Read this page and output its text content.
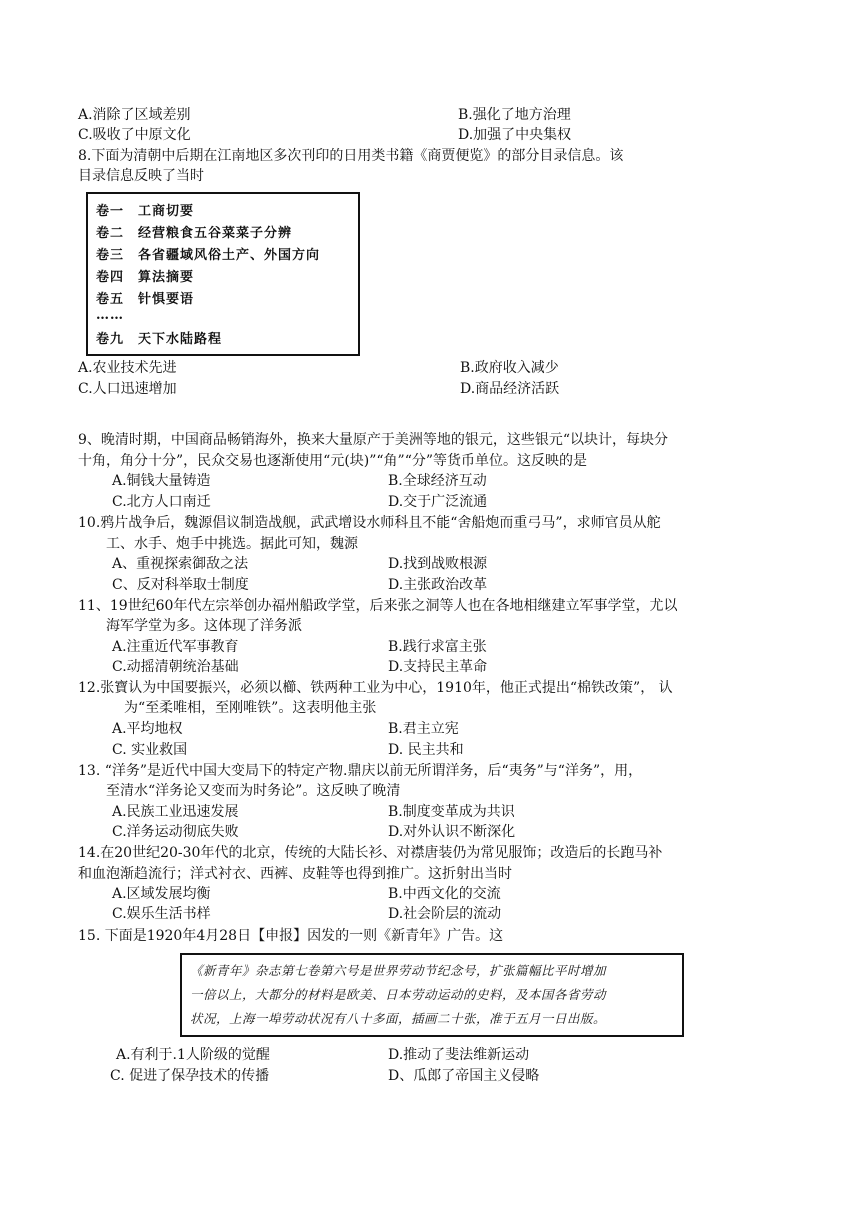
A.消除了区域差别	B.强化了地方治理
C.吸收了中原文化	D.加强了中央集权
8.下面为清朝中后期在江南地区多次刊印的日用类书籍《商贾便览》的部分目录信息。该
目录信息反映了当时
卷一　工商切要
卷二　经营粮食五谷菜菜子分辨
卷三　各省疆域风俗土产、外国方向
卷四　算法摘要
卷五　针惧要语
……
卷九　天下水陆路程
A.农业技术先进	B.政府收入减少
C.人口迅速增加	D.商品经济活跃
9、晚清时期，中国商品畅销海外，换来大量原产于美洲等地的银元，这些银元“以块计，每块分
十角，角分十分”，民众交易也逐渐使用“元(块)”“角”“分”等货币单位。这反映的是
A.铜钱大量铸造	B.全球经济互动
C.北方人口南迁	D.交于广泛流通
10.鸦片战争后，魏源倡议制造战舰，武武增设水师科且不能“舍船炮而重弓马”，求师官员从舵
工、水手、炮手中挑选。据此可知，魏源
A、重视探索御敌之法	D.找到战败根源
C、反对科举取士制度	D.主张政治改革
11、19世纪60年代左宗举创办福州船政学堂，后来张之洞等人也在各地相继建立军事学堂，尤以
海军学堂为多。这体现了洋务派
A.注重近代军事教育	B.践行求富主张
C.动摇清朝统治基础	D.支持民主革命
12.张寶认为中国要振兴，必须以櫛、铁两种工业为中心，1910年，他正式提出“棉铁改策”， 认
为“至柔唯相，至刚唯铁”。这表明他主张
A.平均地权	B.君主立宪
C. 实业救国	D. 民主共和
13. “洋务”是近代中国大变局下的特定产物.鼎庆以前无所谓洋务，后“夷务”与“洋务”，用，
至清水“洋务论又变而为时务论”。这反映了晚清
A.民族工业迅速发展	B.制度变革成为共识
C.洋务运动彻底失败	D.对外认识不断深化
14.在20世纪20-30年代的北京，传统的大陆长衫、对襟唐装仍为常见服饰；改造后的长跑马补
和血泡渐趋流行；洋式衬衣、西裤、皮鞋等也得到推广。这折射出当时
A.区域发展均衡	B.中西文化的交流
C.娱乐生活书样	D.社会阶层的流动
15. 下面是1920年4月28日【申报】因发的一则《新青年》广告。这
《新青年》杂志第七卷第六号是世界劳动节纪念号，扩张篇幅比平时增加
一倍以上，大都分的材料是欧美、日本劳动运动的史料，及本国各省劳动
状况，上海一埠劳动状况有八十多面，插画二十张，准于五月一日出版。
A.有利于.1人阶级的觉醒	D.推动了斐法维新运动
C. 促进了保孕技术的传播	D、瓜郎了帝国主义侵略
